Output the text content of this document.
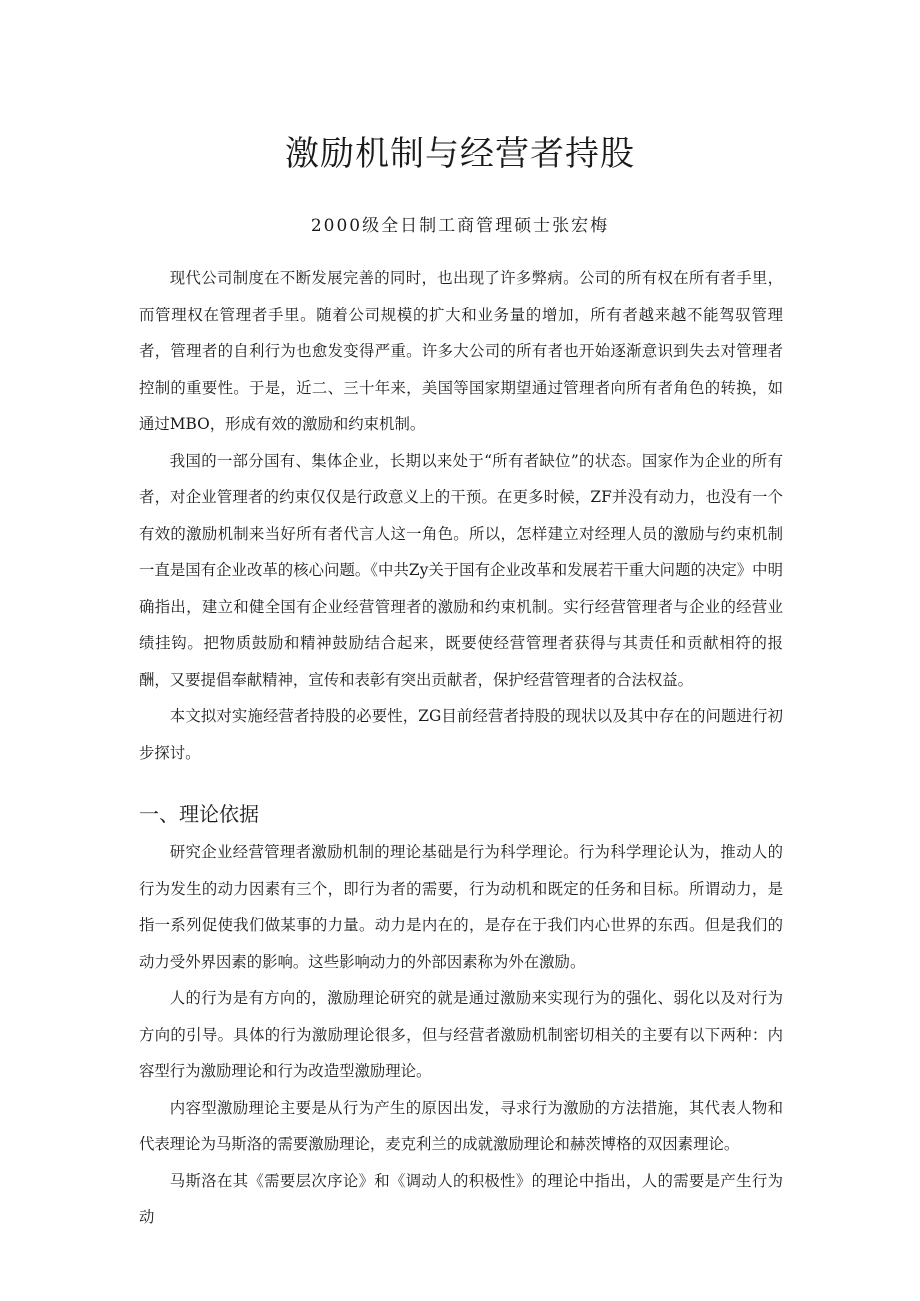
激励机制与经营者持股
2000级全日制工商管理硕士张宏梅

现代公司制度在不断发展完善的同时，也出现了许多弊病。公司的所有权在所有者手里，而管理权在管理者手里。随着公司规模的扩大和业务量的增加，所有者越来越不能驾驭管理者，管理者的自利行为也愈发变得严重。许多大公司的所有者也开始逐渐意识到失去对管理者控制的重要性。于是，近二、三十年来，美国等国家期望通过管理者向所有者角色的转换，如通过MBO，形成有效的激励和约束机制。

我国的一部分国有、集体企业，长期以来处于“所有者缺位”的状态。国家作为企业的所有者，对企业管理者的约束仅仅是行政意义上的干预。在更多时候，ZF并没有动力，也没有一个有效的激励机制来当好所有者代言人这一角色。所以，怎样建立对经理人员的激励与约束机制一直是国有企业改革的核心问题。《中共Zy关于国有企业改革和发展若干重大问题的决定》中明确指出，建立和健全国有企业经营管理者的激励和约束机制。实行经营管理者与企业的经营业绩挂钩。把物质鼓励和精神鼓励结合起来，既要使经营管理者获得与其责任和贡献相符的报酬，又要提倡奉献精神，宣传和表彰有突出贡献者，保护经营管理者的合法权益。

本文拟对实施经营者持股的必要性，ZG目前经营者持股的现状以及其中存在的问题进行初步探讨。

一、理论依据

研究企业经营管理者激励机制的理论基础是行为科学理论。行为科学理论认为，推动人的行为发生的动力因素有三个，即行为者的需要，行为动机和既定的任务和目标。所谓动力，是指一系列促使我们做某事的力量。动力是内在的，是存在于我们内心世界的东西。但是我们的动力受外界因素的影响。这些影响动力的外部因素称为外在激励。

人的行为是有方向的，激励理论研究的就是通过激励来实现行为的强化、弱化以及对行为方向的引导。具体的行为激励理论很多，但与经营者激励机制密切相关的主要有以下两种：内容型行为激励理论和行为改造型激励理论。

内容型激励理论主要是从行为产生的原因出发，寻求行为激励的方法措施，其代表人物和代表理论为马斯洛的需要激励理论，麦克利兰的成就激励理论和赫茨博格的双因素理论。

马斯洛在其《需要层次序论》和《调动人的积极性》的理论中指出，人的需要是产生行为动
